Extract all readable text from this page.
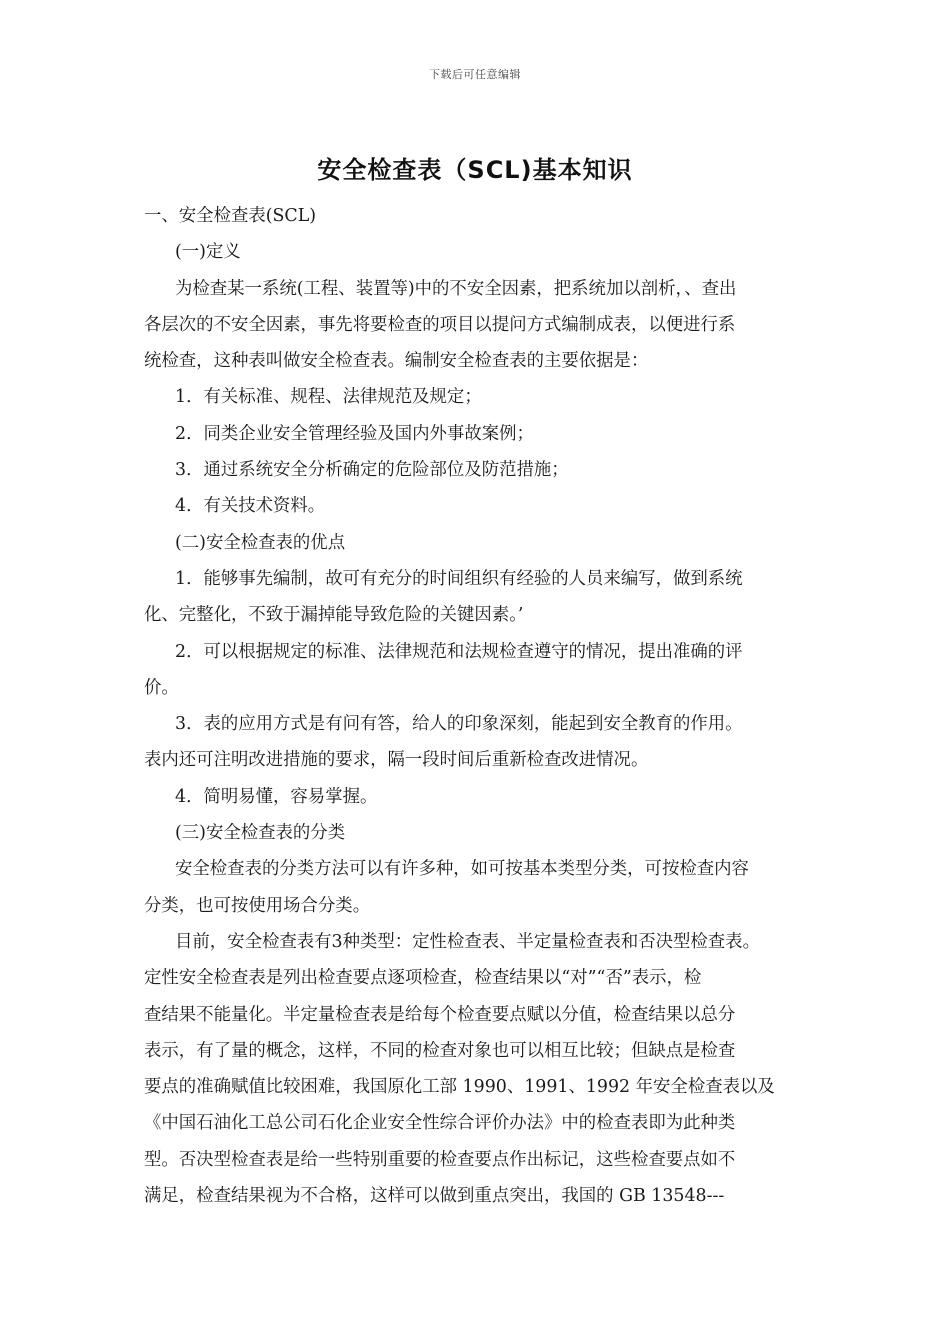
下载后可任意编辑
安全检查表（SCL)基本知识

一、安全检查表(SCL)

(一)定义

为检查某一系统(工程、装置等)中的不安全因素，把系统加以剖析，、查出

各层次的不安全因素，事先将要检查的项目以提问方式编制成表，以便进行系

统检查，这种表叫做安全检查表。编制安全检查表的主要依据是：

1．有关标准、规程、法律规范及规定；

2．同类企业安全管理经验及国内外事故案例；

3．通过系统安全分析确定的危险部位及防范措施；

4．有关技术资料。

(二)安全检查表的优点

1．能够事先编制，故可有充分的时间组织有经验的人员来编写，做到系统

化、完整化，不致于漏掉能导致危险的关键因素。’

2．可以根据规定的标准、法律规范和法规检查遵守的情况，提出准确的评

价。

3．表的应用方式是有问有答，给人的印象深刻，能起到安全教育的作用。

表内还可注明改进措施的要求，隔一段时间后重新检查改进情况。

4．简明易懂，容易掌握。

(三)安全检查表的分类

安全检查表的分类方法可以有许多种，如可按基本类型分类，可按检查内容

分类，也可按使用场合分类。

目前，安全检查表有3种类型：定性检查表、半定量检查表和否决型检查表。

定性安全检查表是列出检查要点逐项检查，检查结果以“对”“否”表示，检

查结果不能量化。半定量检查表是给每个检查要点赋以分值，检查结果以总分

表示，有了量的概念，这样，不同的检查对象也可以相互比较；但缺点是检查

要点的准确赋值比较困难，我国原化工部 1990、1991、1992 年安全检查表以及

《中国石油化工总公司石化企业安全性综合评价办法》中的检查表即为此种类

型。否决型检查表是给一些特别重要的检查要点作出标记，这些检查要点如不

满足，检查结果视为不合格，这样可以做到重点突出，我国的 GB 13548---
